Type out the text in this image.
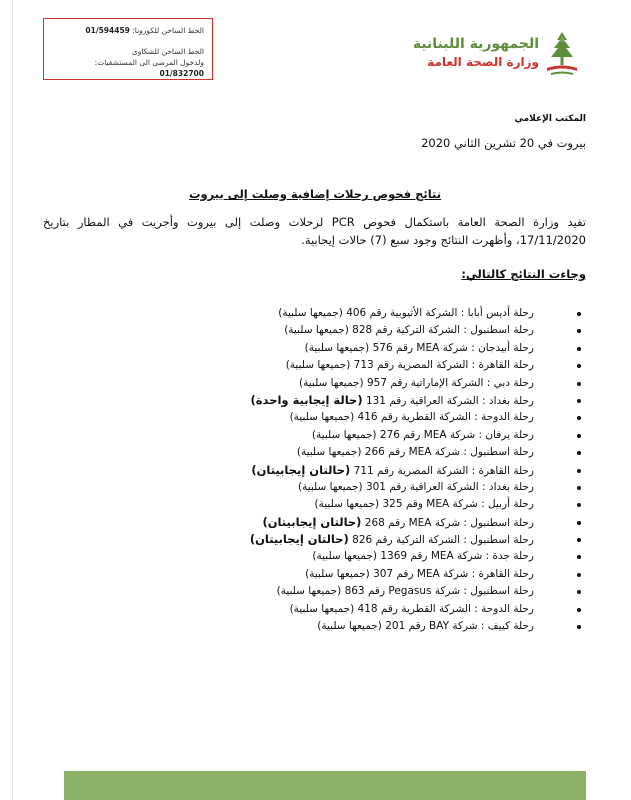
الخط الساخن للكورونا: 01/594459
الخط الساخن للشكاوى
ولدخول المرضى الى المستشفيات: 01/832700
الجمهورية اللبنانية
وزارة الصحة العامة
المكتب الإعلامي
بيروت في 20 تشرين الثاني 2020
نتائج فحوص رحلات إضافية وصلت إلى بيروت
تفيد وزارة الصحة العامة باستكمال فحوص PCR لرحلات وصلت إلى بيروت وأجريت في المطار بتاريخ 17/11/2020، وأظهرت النتائج وجود سبع (7) حالات إيجابية.
وجاءت النتائج كالتالي:
رحلة أديس أبابا : الشركة الأثيوبية رقم 406 (جميعها سلبية)
رحلة اسطنبول : الشركة التركية رقم 828 (جميعها سلبية)
رحلة أبيدجان : شركة MEA رقم 576 (جميعها سلبية)
رحلة القاهرة : الشركة المصرية رقم 713 (جميعها سلبية)
رحلة دبي : الشركة الإماراتية رقم 957 (جميعها سلبية)
رحلة بغداد : الشركة العراقية رقم 131 (حالة إيجابية واحدة)
رحلة الدوحة : الشركة القطرية رقم 416 (جميعها سلبية)
رحلة يرفان : شركة MEA رقم 276 (جميعها سلبية)
رحلة اسطنبول : شركة MEA رقم 266 (جميعها سلبية)
رحلة القاهرة : الشركة المصرية رقم 711 (حالتان إيجابيتان)
رحلة بغداد : الشركة العراقية رقم 301 (جميعها سلبية)
رحلة أربيل : شركة MEA وقم 325 (جميعها سلبية)
رحلة اسطنبول : شركة MEA رقم 268 (حالتان إيجابيتان)
رحلة اسطنبول : الشركة التركية رقم 826 (حالتان إيجابيتان)
رحلة جدة : شركة MEA رقم 1369 (جميعها سلبية)
رحلة القاهرة : شركة MEA رقم 307 (جميعها سلبية)
رحلة اسطنبول : شركة Pegasus رقم 863 (جميعها سلبية)
رحلة الدوحة : الشركة القطرية رقم 418 (جميعها سلبية)
رحلة كييف : شركة BAY رقم 201 (جميعها سلبية)
